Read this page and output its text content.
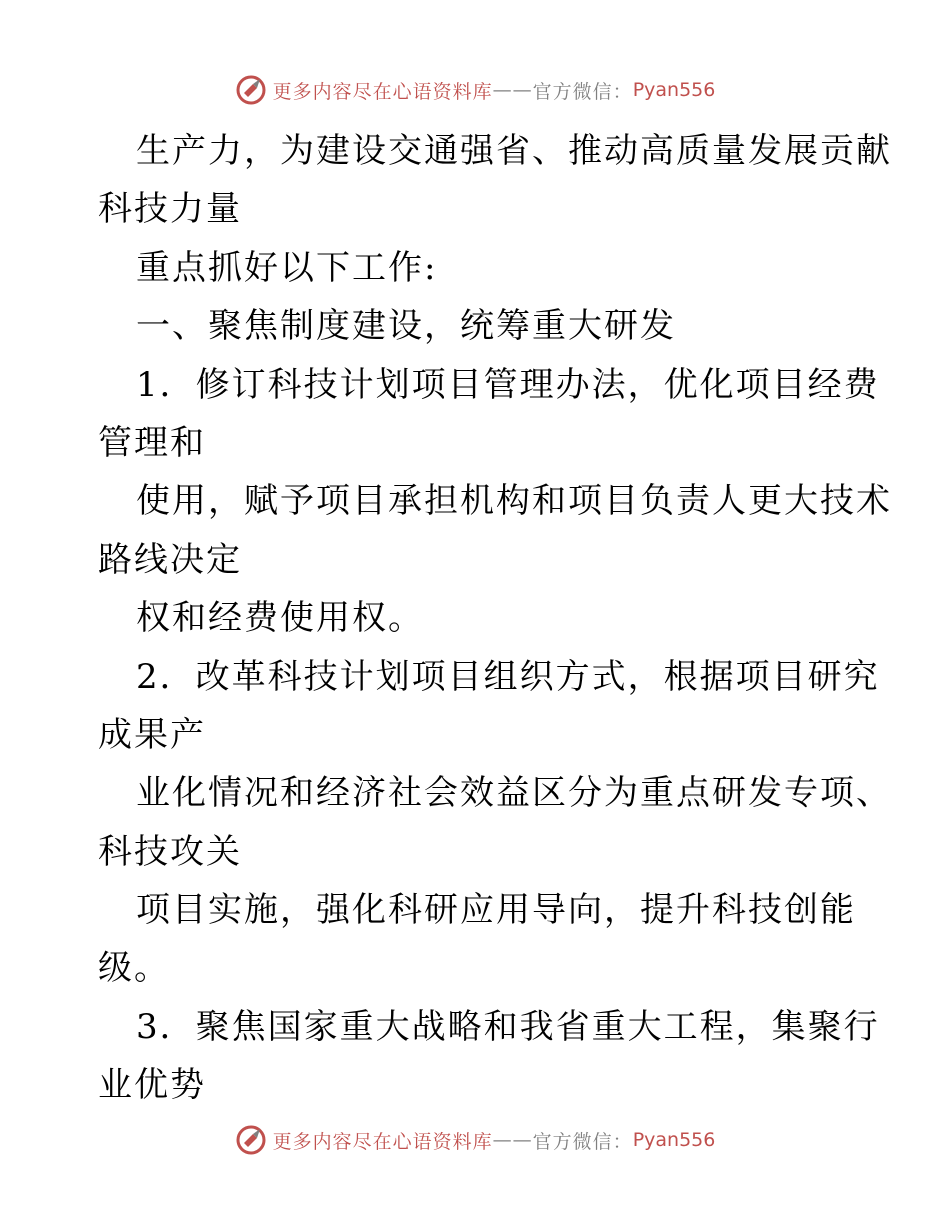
更多内容尽在心语资料库 —— 官方微信： Pyan556
生产力，为建设交通强省、推动高质量发展贡献
科技力量
重点抓好以下工作:
一、聚焦制度建设，统筹重大研发
1．修订科技计划项目管理办法，优化项目经费
管理和
使用，赋予项目承担机构和项目负责人更大技术
路线决定
权和经费使用权。
2．改革科技计划项目组织方式，根据项目研究
成果产
业化情况和经济社会效益区分为重点研发专项、
科技攻关
项目实施，强化科研应用导向，提升科技创能
级。
3．聚焦国家重大战略和我省重大工程，集聚行
业优势
更多内容尽在心语资料库 —— 官方微信： Pyan556
